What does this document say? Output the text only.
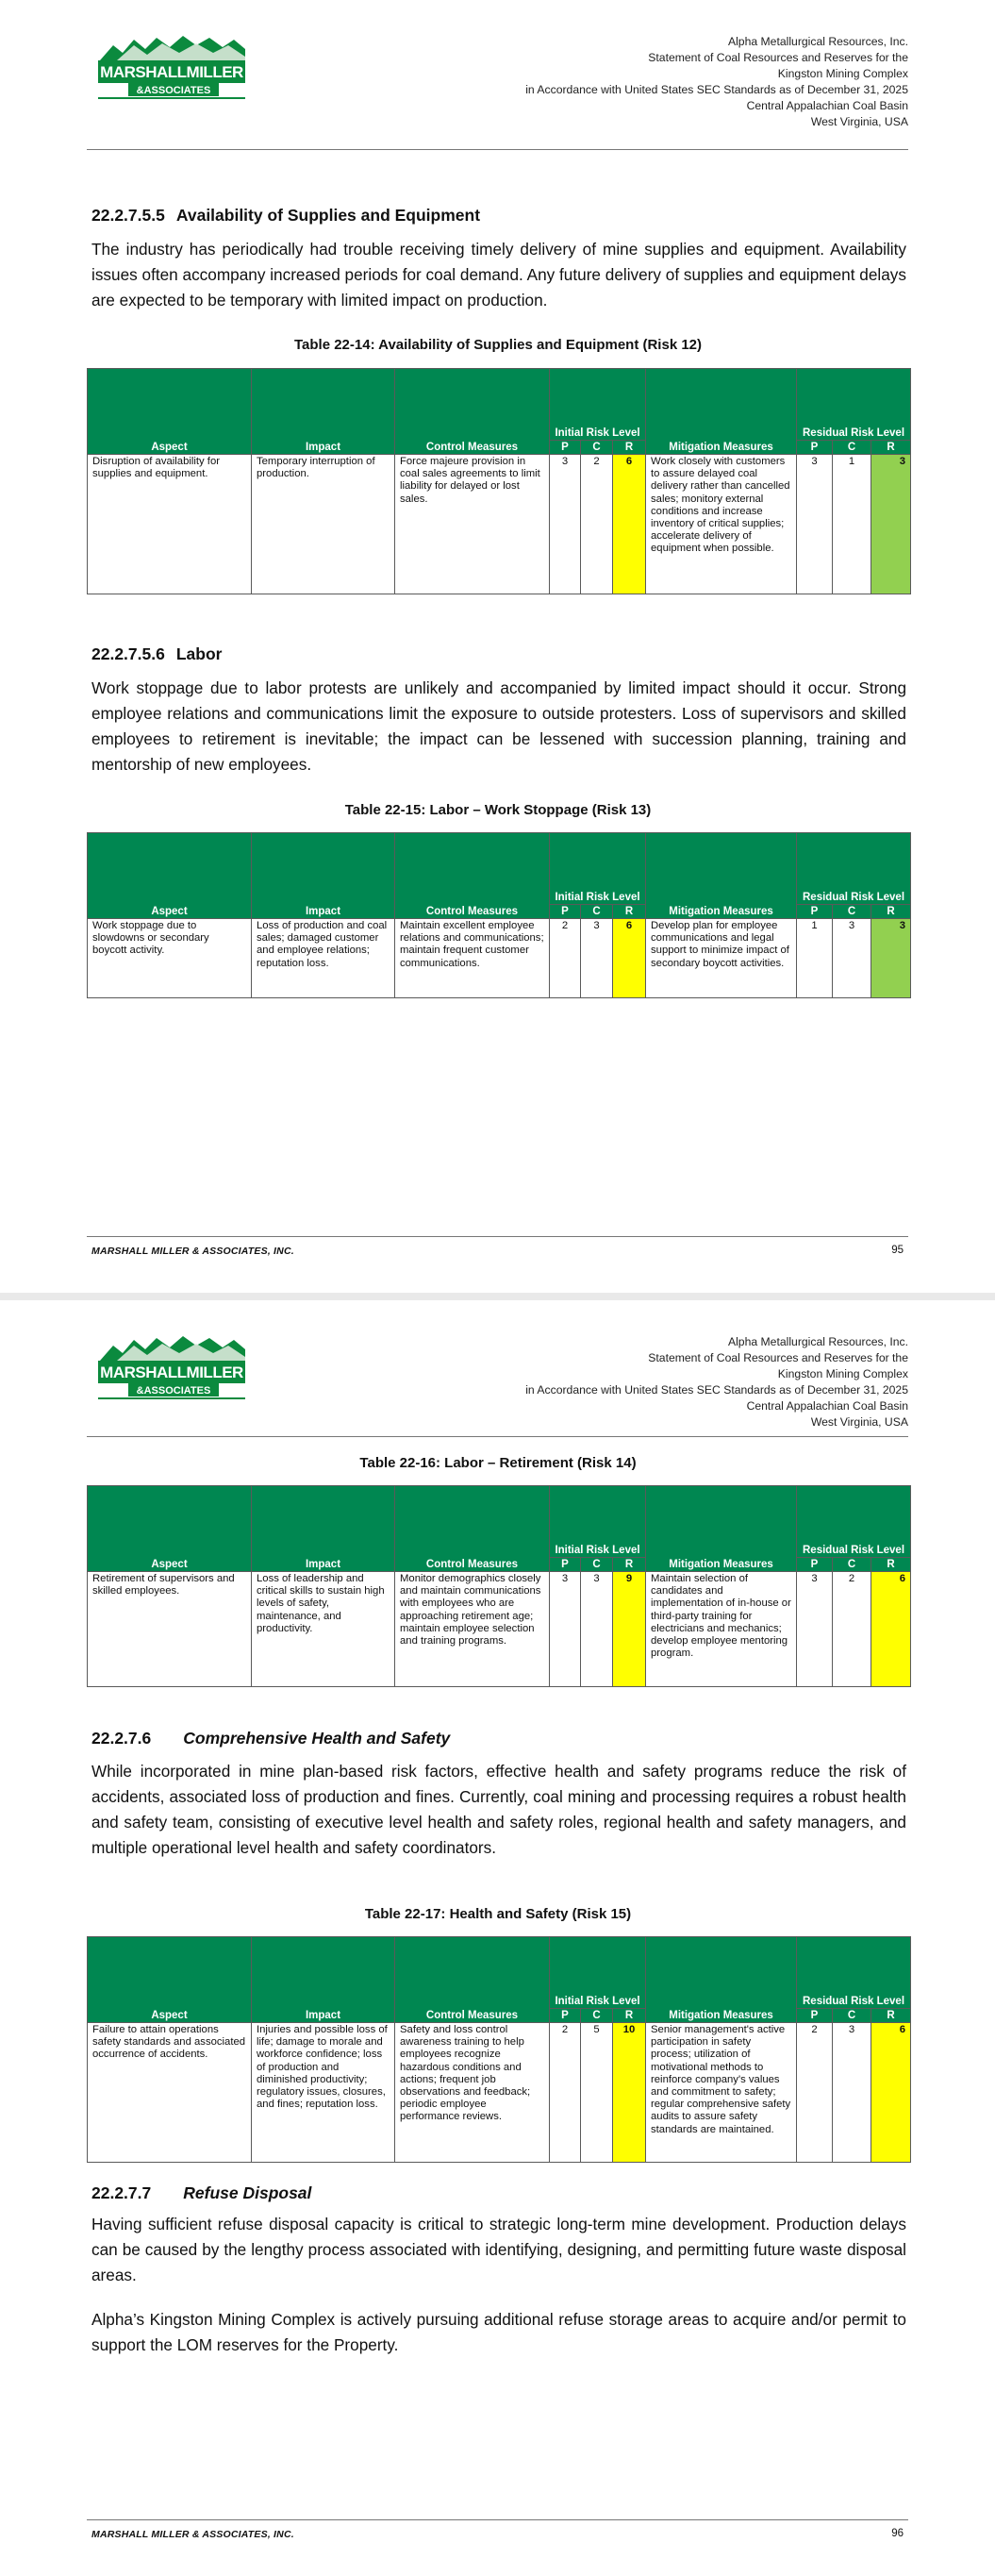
Alpha Metallurgical Resources, Inc.
Statement of Coal Resources and Reserves for the
Kingston Mining Complex
in Accordance with United States SEC Standards as of December 31, 2025
Central Appalachian Coal Basin
West Virginia, USA
22.2.7.5.5 Availability of Supplies and Equipment

The industry has periodically had trouble receiving timely delivery of mine supplies and equipment. Availability issues often accompany increased periods for coal demand. Any future delivery of supplies and equipment delays are expected to be temporary with limited impact on production.

Table 22-14: Availability of Supplies and Equipment (Risk 12)

Aspect	Impact	Control Measures	Initial Risk Level			Mitigation Measures	Residual Risk Level		
			P	C	R		P	C	R
Disruption of availability for supplies and equipment.	Temporary interruption of production.	Force majeure provision in coal sales agreements to limit liability for delayed or lost sales.	3	2	6	Work closely with customers to assure delayed coal delivery rather than cancelled sales; monitory external conditions and increase inventory of critical supplies; accelerate delivery of equipment when possible.	3	1	3
22.2.7.5.6 Labor

Work stoppage due to labor protests are unlikely and accompanied by limited impact should it occur. Strong employee relations and communications limit the exposure to outside protesters. Loss of supervisors and skilled employees to retirement is inevitable; the impact can be lessened with succession planning, training and mentorship of new employees.

Table 22-15: Labor – Work Stoppage (Risk 13)

Aspect	Impact	Control Measures	Initial Risk Level			Mitigation Measures	Residual Risk Level		
			P	C	R		P	C	R
Work stoppage due to slowdowns or secondary boycott activity.	Loss of production and coal sales; damaged customer and employee relations; reputation loss.	Maintain excellent employee relations and communications; maintain frequent customer communications.	2	3	6	Develop plan for employee communications and legal support to minimize impact of secondary boycott activities.	1	3	3
MARSHALL MILLER & ASSOCIATES, INC.	95
Alpha Metallurgical Resources, Inc.
Statement of Coal Resources and Reserves for the
Kingston Mining Complex
in Accordance with United States SEC Standards as of December 31, 2025
Central Appalachian Coal Basin
West Virginia, USA

Table 22-16: Labor – Retirement (Risk 14)

Aspect	Impact	Control Measures	Initial Risk Level			Mitigation Measures	Residual Risk Level		
			P	C	R		P	C	R
Retirement of supervisors and skilled employees.	Loss of leadership and critical skills to sustain high levels of safety, maintenance, and productivity.	Monitor demographics closely and maintain communications with employees who are approaching retirement age; maintain employee selection and training programs.	3	3	9	Maintain selection of candidates and implementation of in-house or third-party training for electricians and mechanics; develop employee mentoring program.	3	2	6
22.2.7.6 Comprehensive Health and Safety

While incorporated in mine plan-based risk factors, effective health and safety programs reduce the risk of accidents, associated loss of production and fines. Currently, coal mining and processing requires a robust health and safety team, consisting of executive level health and safety roles, regional health and safety managers, and multiple operational level health and safety coordinators.

Table 22-17: Health and Safety (Risk 15)

Aspect	Impact	Control Measures	Initial Risk Level			Mitigation Measures	Residual Risk Level		
			P	C	R		P	C	R
Failure to attain operations safety standards and associated occurrence of accidents.	Injuries and possible loss of life; damage to morale and workforce confidence; loss of production and diminished productivity; regulatory issues, closures, and fines; reputation loss.	Safety and loss control awareness training to help employees recognize hazardous conditions and actions; frequent job observations and feedback; periodic employee performance reviews.	2	5	10	Senior management's active participation in safety process; utilization of motivational methods to reinforce company's values and commitment to safety; regular comprehensive safety audits to assure safety standards are maintained.	2	3	6
22.2.7.7 Refuse Disposal

Having sufficient refuse disposal capacity is critical to strategic long-term mine development. Production delays can be caused by the lengthy process associated with identifying, designing, and permitting future waste disposal areas.

Alpha’s Kingston Mining Complex is actively pursuing additional refuse storage areas to acquire and/or permit to support the LOM reserves for the Property.

MARSHALL MILLER & ASSOCIATES, INC.	96
